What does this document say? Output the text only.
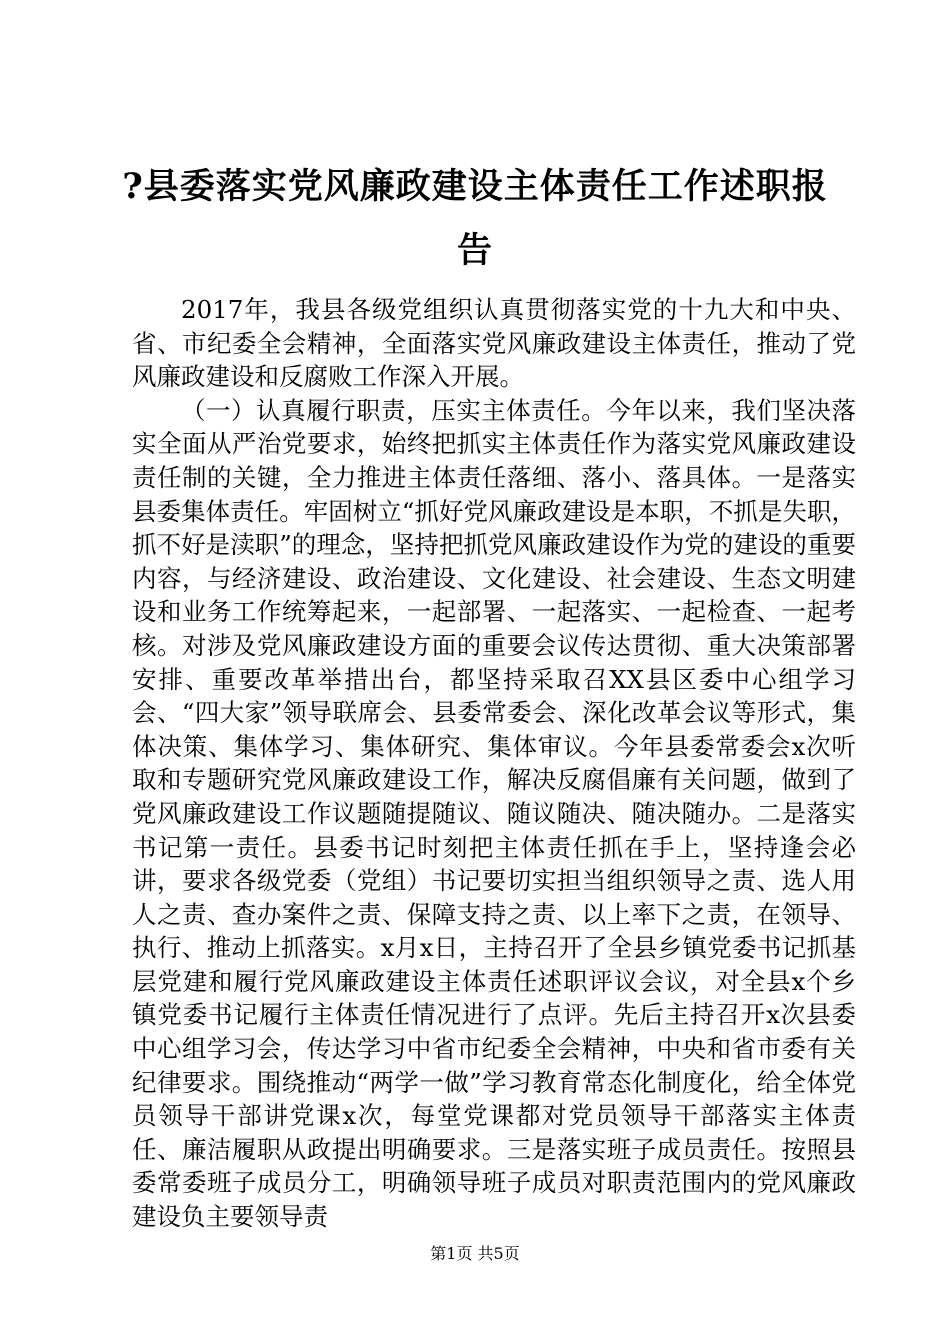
?县委落实党风廉政建设主体责任工作述职报告

2017年，我县各级党组织认真贯彻落实党的十九大和中央、省、市纪委全会精神，全面落实党风廉政建设主体责任，推动了党风廉政建设和反腐败工作深入开展。

（一）认真履行职责，压实主体责任。今年以来，我们坚决落实全面从严治党要求，始终把抓实主体责任作为落实党风廉政建设责任制的关键，全力推进主体责任落细、落小、落具体。一是落实县委集体责任。牢固树立“抓好党风廉政建设是本职，不抓是失职，抓不好是渎职”的理念，坚持把抓党风廉政建设作为党的建设的重要内容，与经济建设、政治建设、文化建设、社会建设、生态文明建设和业务工作统筹起来，一起部署、一起落实、一起检查、一起考核。对涉及党风廉政建设方面的重要会议传达贯彻、重大决策部署安排、重要改革举措出台，都坚持采取召XX县区委中心组学习会、“四大家”领导联席会、县委常委会、深化改革会议等形式，集体决策、集体学习、集体研究、集体审议。今年县委常委会x次听取和专题研究党风廉政建设工作，解决反腐倡廉有关问题，做到了党风廉政建设工作议题随提随议、随议随决、随决随办。二是落实书记第一责任。县委书记时刻把主体责任抓在手上，坚持逢会必讲，要求各级党委（党组）书记要切实担当组织领导之责、选人用人之责、查办案件之责、保障支持之责、以上率下之责，在领导、执行、推动上抓落实。x月x日，主持召开了全县乡镇党委书记抓基层党建和履行党风廉政建设主体责任述职评议会议，对全县x个乡镇党委书记履行主体责任情况进行了点评。先后主持召开x次县委中心组学习会，传达学习中省市纪委全会精神，中央和省市委有关纪律要求。围绕推动“两学一做”学习教育常态化制度化，给全体党员领导干部讲党课x次，每堂党课都对党员领导干部落实主体责任、廉洁履职从政提出明确要求。三是落实班子成员责任。按照县委常委班子成员分工，明确领导班子成员对职责范围内的党风廉政建设负主要领导责

第1页 共5页
